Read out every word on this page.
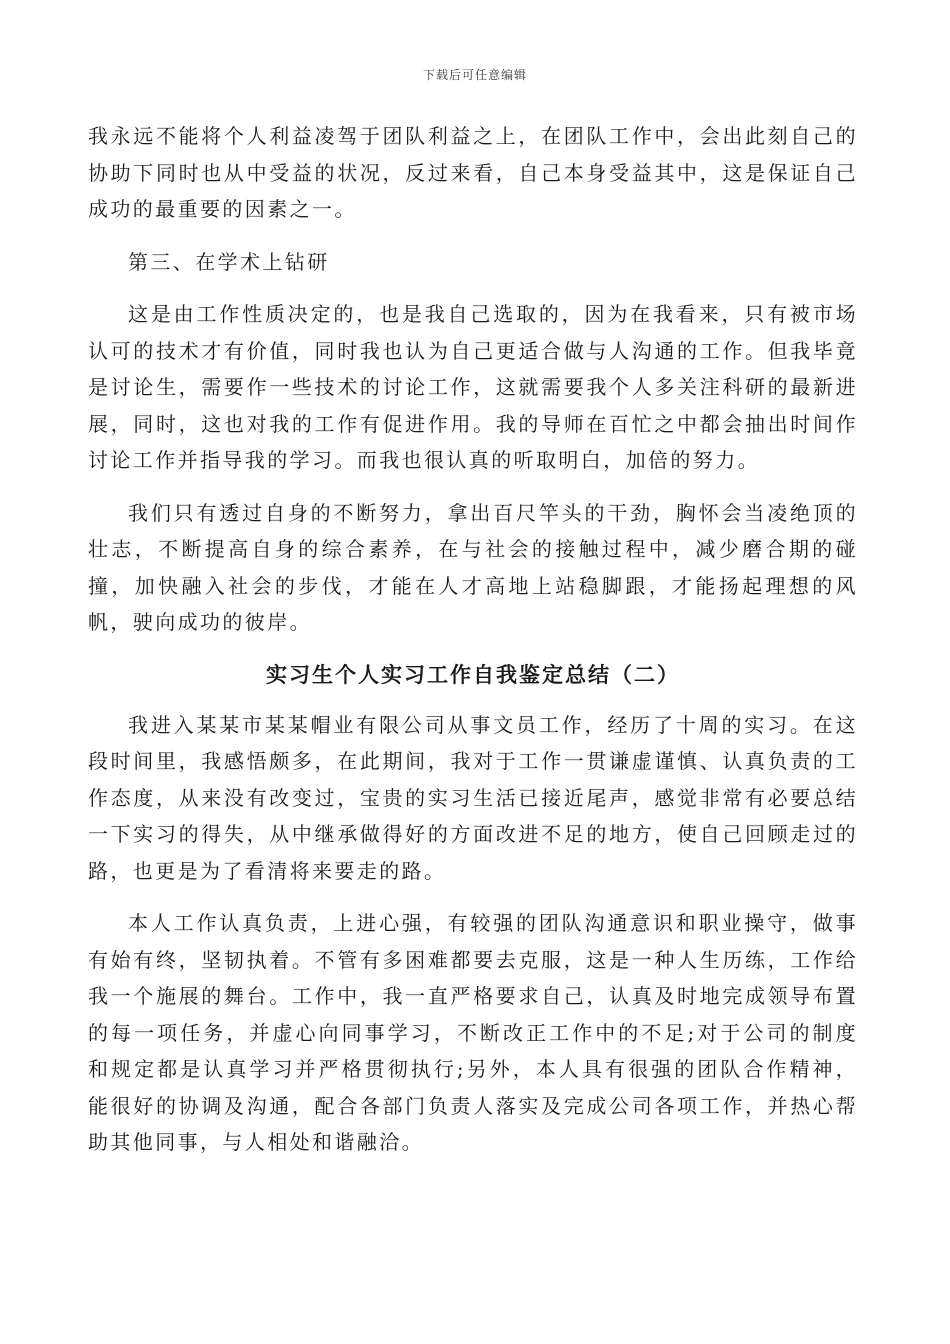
下载后可任意编辑

我永远不能将个人利益凌驾于团队利益之上，在团队工作中，会出此刻自己的协助下同时也从中受益的状况，反过来看，自己本身受益其中，这是保证自己成功的最重要的因素之一。

第三、在学术上钻研

这是由工作性质决定的，也是我自己选取的，因为在我看来，只有被市场认可的技术才有价值，同时我也认为自己更适合做与人沟通的工作。但我毕竟是讨论生，需要作一些技术的讨论工作，这就需要我个人多关注科研的最新进展，同时，这也对我的工作有促进作用。我的导师在百忙之中都会抽出时间作讨论工作并指导我的学习。而我也很认真的听取明白，加倍的努力。

我们只有透过自身的不断努力，拿出百尺竿头的干劲，胸怀会当凌绝顶的壮志，不断提高自身的综合素养，在与社会的接触过程中，减少磨合期的碰撞，加快融入社会的步伐，才能在人才高地上站稳脚跟，才能扬起理想的风帆，驶向成功的彼岸。

实习生个人实习工作自我鉴定总结（二）

我进入某某市某某帽业有限公司从事文员工作，经历了十周的实习。在这段时间里，我感悟颇多，在此期间，我对于工作一贯谦虚谨慎、认真负责的工作态度，从来没有改变过，宝贵的实习生活已接近尾声，感觉非常有必要总结一下实习的得失，从中继承做得好的方面改进不足的地方，使自己回顾走过的路，也更是为了看清将来要走的路。

本人工作认真负责，上进心强，有较强的团队沟通意识和职业操守，做事有始有终，坚韧执着。不管有多困难都要去克服，这是一种人生历练，工作给我一个施展的舞台。工作中，我一直严格要求自己，认真及时地完成领导布置的每一项任务，并虚心向同事学习，不断改正工作中的不足;对于公司的制度和规定都是认真学习并严格贯彻执行;另外，本人具有很强的团队合作精神，能很好的协调及沟通，配合各部门负责人落实及完成公司各项工作，并热心帮助其他同事，与人相处和谐融洽。
